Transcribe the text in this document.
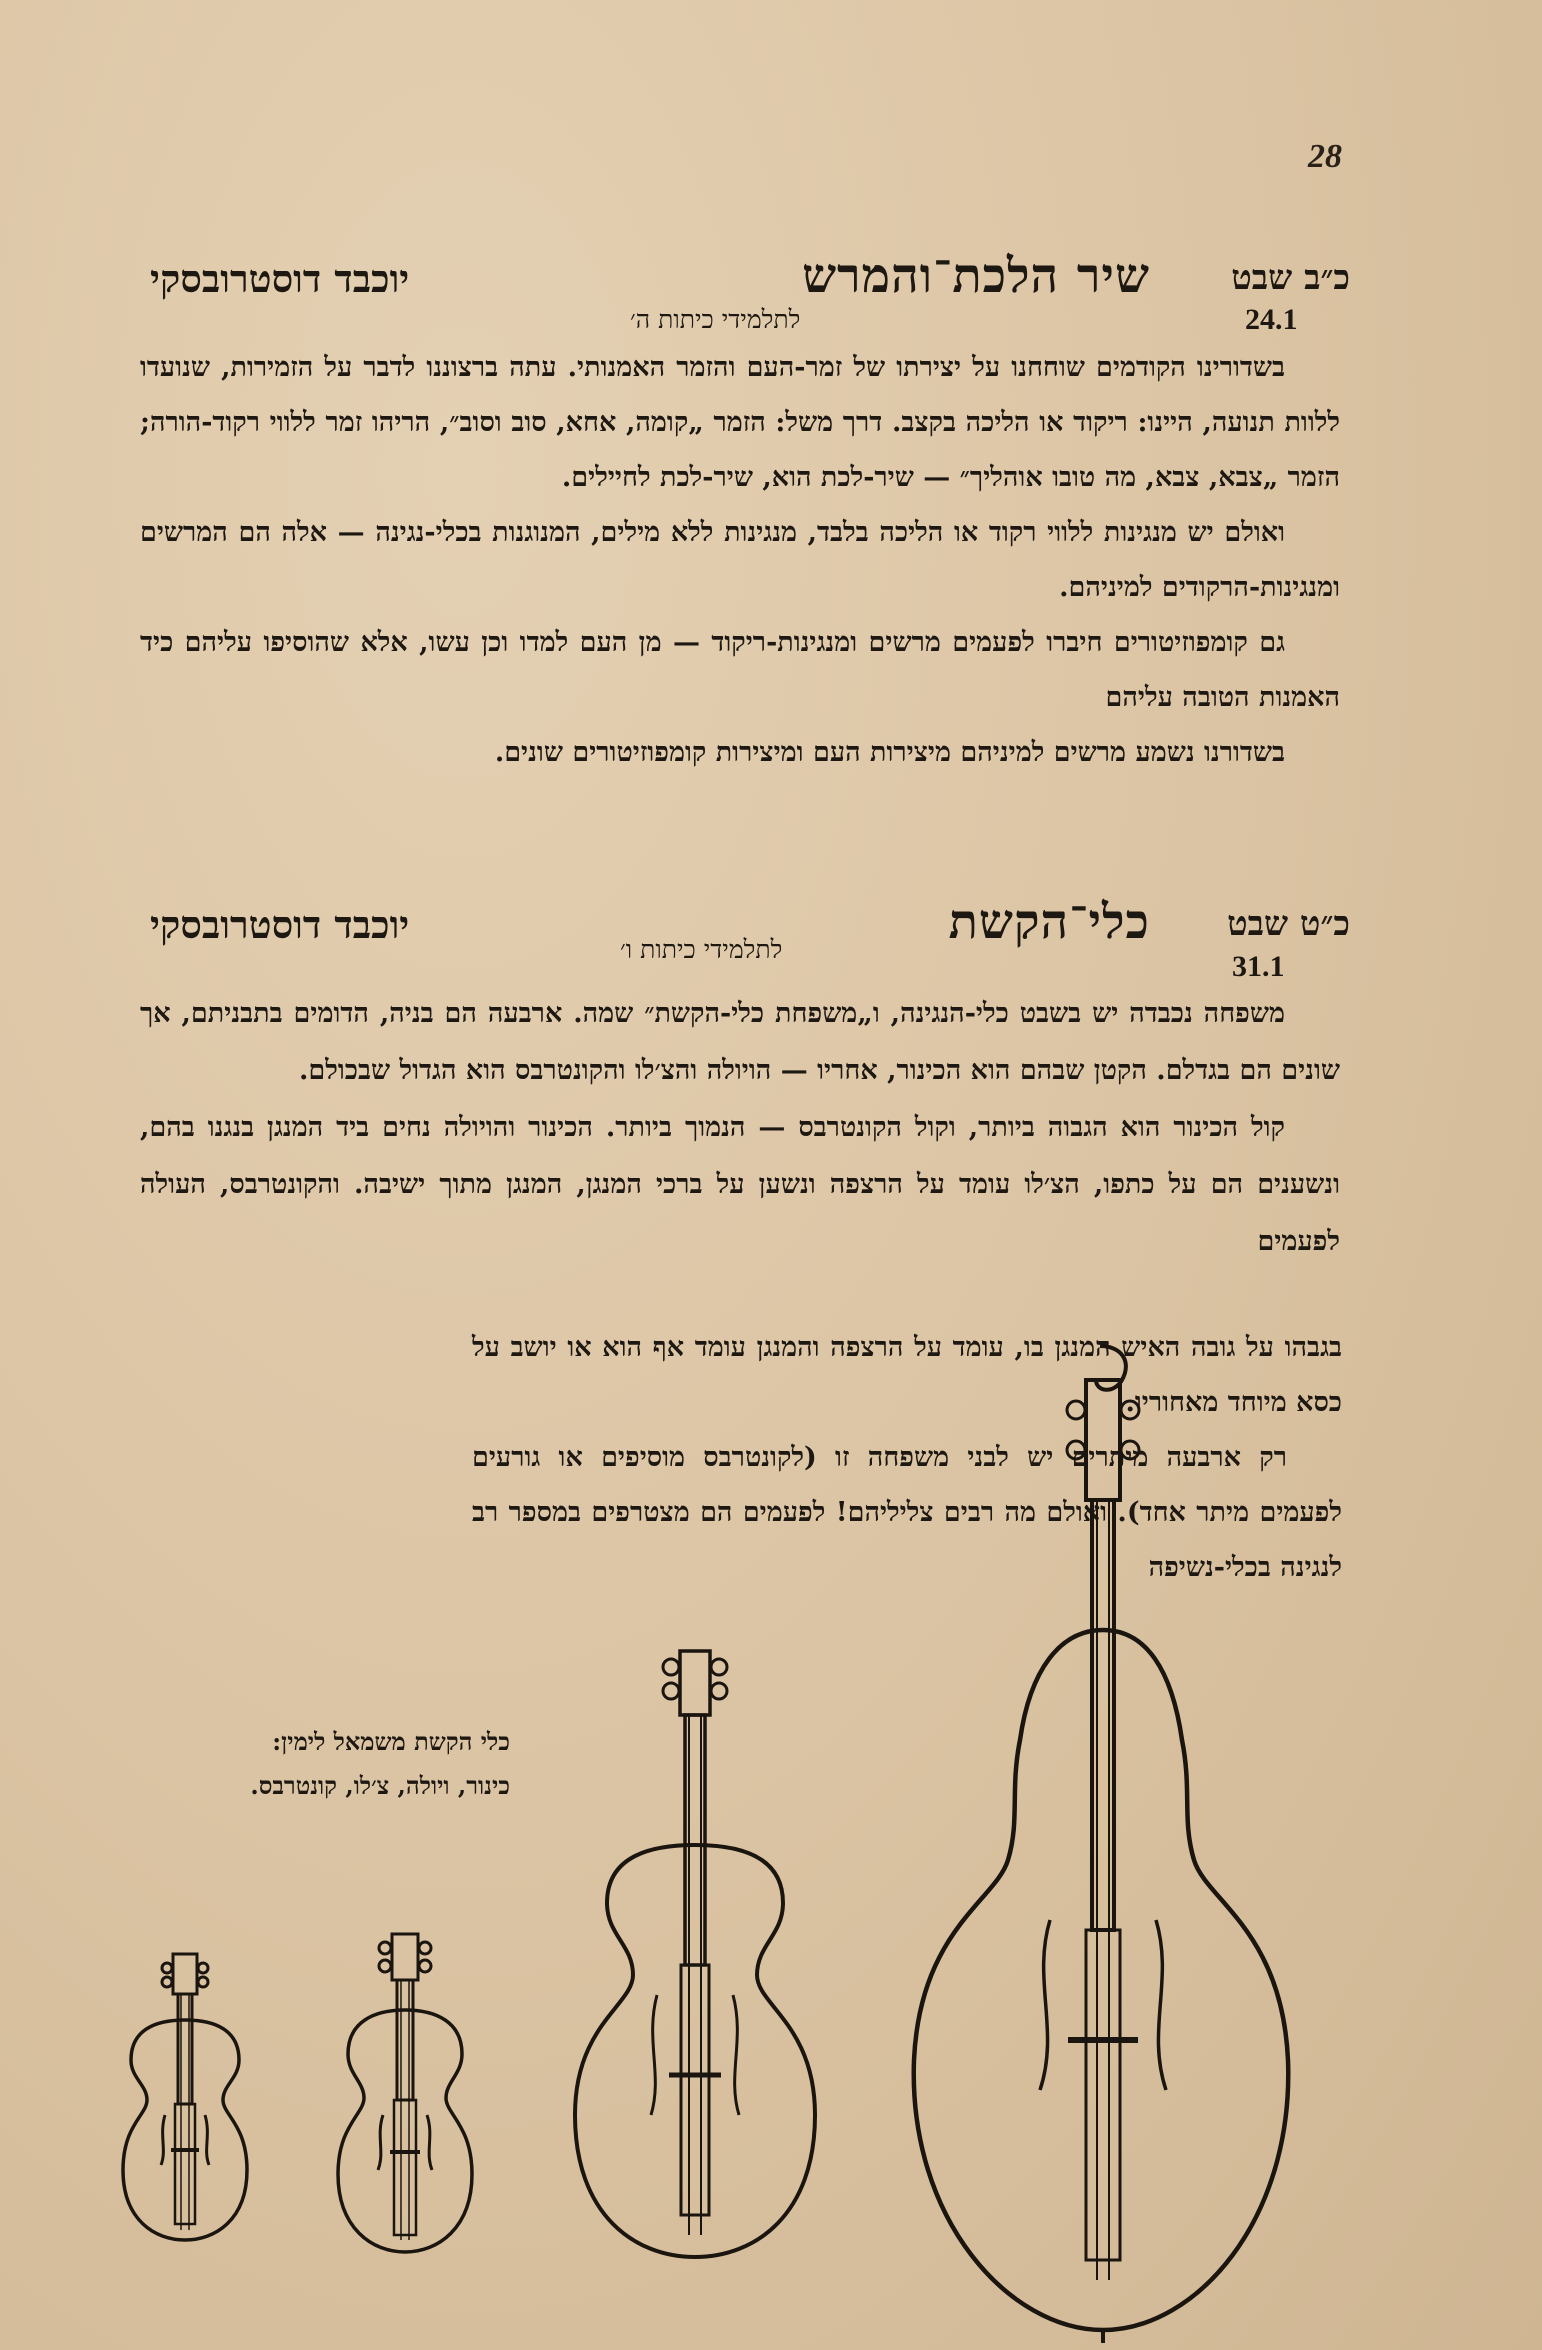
28
כ״ב שבט
שיר הלכת־והמרש
יוכבד דוסטרובסקי
לתלמידי כיתות ה׳	24.1

בשדורינו הקודמים שוחחנו על יצירתו של זמר-העם והזמר האמנותי. עתה ברצוננו לדבר על הזמירות, שנועדו ללוות תנועה, היינו: ריקוד או הליכה בקצב. דרך משל: הזמר „קומה, אחא, סוב וסוב״, הריהו זמר ללווי רקוד-הורה; הזמר „צבא, צבא, מה טובו אוהליך״ — שיר-לכת הוא, שיר-לכת לחיילים.

ואולם יש מנגינות ללווי רקוד או הליכה בלבד, מנגינות ללא מילים, המנוגנות בכלי-נגינה — אלה הם המרשים ומנגינות-הרקודים למיניהם.

גם קומפוזיטורים חיברו לפעמים מרשים ומנגינות-ריקוד — מן העם למדו וכן עשו, אלא שהוסיפו עליהם כיד האמנות הטובה עליהם

בשדורנו נשמע מרשים למיניהם מיצירות העם ומיצירות קומפוזיטורים שונים.

כ״ט שבט
כלי־הקשת
יוכבד דוסטרובסקי
לתלמידי כיתות ו׳
31.1

משפחה נכבדה יש בשבט כלי-הנגינה, ו„משפחת כלי-הקשת״ שמה. ארבעה הם בניה, הדומים בתבניתם, אך שונים הם בגדלם. הקטן שבהם הוא הכינור, אחריו — הויולה והצ׳לו והקונטרבס הוא הגדול שבכולם.

קול הכינור הוא הגבוה ביותר, וקול הקונטרבס — הנמוך ביותר. הכינור והויולה נחים ביד המנגן בנגנו בהם, ונשענים הם על כתפו, הצ׳לו עומד על הרצפה ונשען על ברכי המנגן, המנגן מתוך ישיבה. והקונטרבס, העולה לפעמים

בגבהו על גובה האיש המנגן בו, עומד על הרצפה והמנגן עומד אף הוא או יושב על כסא מיוחד מאחוריו.

רק ארבעה מיתרים יש לבני משפחה זו (לקונטרבס מוסיפים או גורעים לפעמים מיתר אחד). ואולם מה רבים צליליהם! לפעמים הם מצטרפים במספר רב לנגינה בכלי-נשיפה

כלי הקשת משמאל לימין:
כינור, ויולה, צ׳לו, קונטרבס.
